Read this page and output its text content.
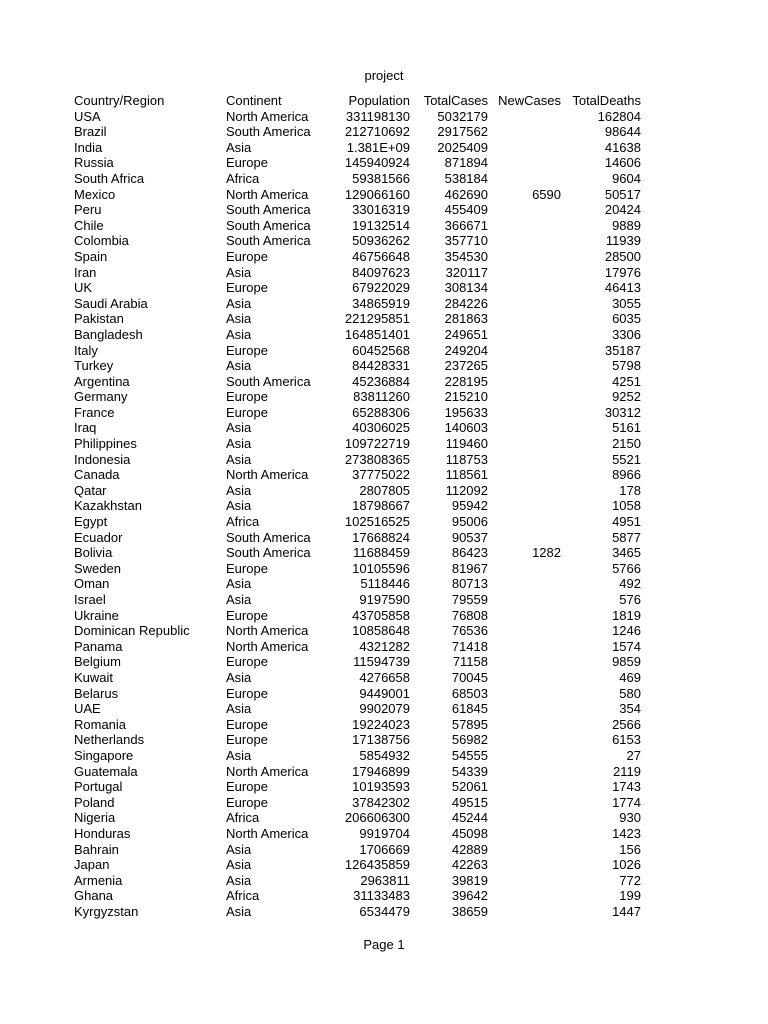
project
Country/Region	Continent	Population	TotalCases	NewCases	TotalDeaths
USA	North America	331198130	5032179		162804
Brazil	South America	212710692	2917562		98644
India	Asia	1.381E+09	2025409		41638
Russia	Europe	145940924	871894		14606
South Africa	Africa	59381566	538184		9604
Mexico	North America	129066160	462690	6590	50517
Peru	South America	33016319	455409		20424
Chile	South America	19132514	366671		9889
Colombia	South America	50936262	357710		11939
Spain	Europe	46756648	354530		28500
Iran	Asia	84097623	320117		17976
UK	Europe	67922029	308134		46413
Saudi Arabia	Asia	34865919	284226		3055
Pakistan	Asia	221295851	281863		6035
Bangladesh	Asia	164851401	249651		3306
Italy	Europe	60452568	249204		35187
Turkey	Asia	84428331	237265		5798
Argentina	South America	45236884	228195		4251
Germany	Europe	83811260	215210		9252
France	Europe	65288306	195633		30312
Iraq	Asia	40306025	140603		5161
Philippines	Asia	109722719	119460		2150
Indonesia	Asia	273808365	118753		5521
Canada	North America	37775022	118561		8966
Qatar	Asia	2807805	112092		178
Kazakhstan	Asia	18798667	95942		1058
Egypt	Africa	102516525	95006		4951
Ecuador	South America	17668824	90537		5877
Bolivia	South America	11688459	86423	1282	3465
Sweden	Europe	10105596	81967		5766
Oman	Asia	5118446	80713		492
Israel	Asia	9197590	79559		576
Ukraine	Europe	43705858	76808		1819
Dominican Republic	North America	10858648	76536		1246
Panama	North America	4321282	71418		1574
Belgium	Europe	11594739	71158		9859
Kuwait	Asia	4276658	70045		469
Belarus	Europe	9449001	68503		580
UAE	Asia	9902079	61845		354
Romania	Europe	19224023	57895		2566
Netherlands	Europe	17138756	56982		6153
Singapore	Asia	5854932	54555		27
Guatemala	North America	17946899	54339		2119
Portugal	Europe	10193593	52061		1743
Poland	Europe	37842302	49515		1774
Nigeria	Africa	206606300	45244		930
Honduras	North America	9919704	45098		1423
Bahrain	Asia	1706669	42889		156
Japan	Asia	126435859	42263		1026
Armenia	Asia	2963811	39819		772
Ghana	Africa	31133483	39642		199
Kyrgyzstan	Asia	6534479	38659		1447
Page 1
